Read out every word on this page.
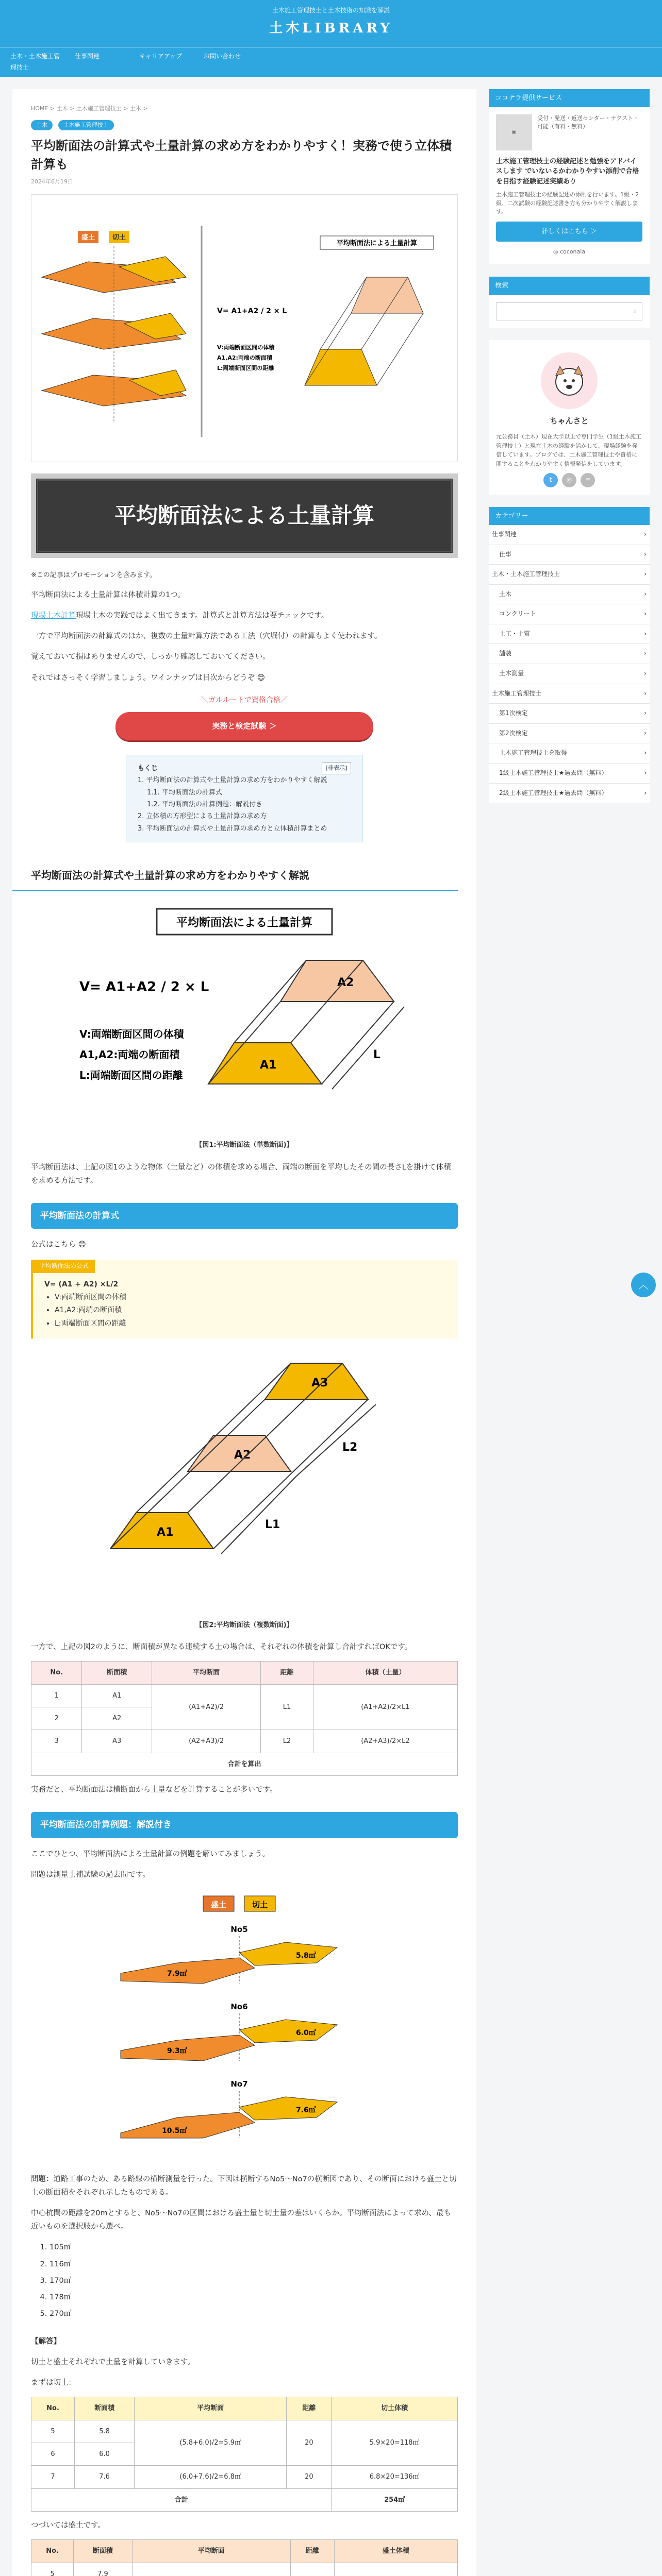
土木施工管理技士と土木技術の知識を解説
土木LIBRARY
土木・土木施工管理技士
仕事関連	キャリアアップ	お問い合わせ
HOME > 土木 > 土木施工管理技士 > 土木 >
土木	土木施工管理技士
平均断面法の計算式や土量計算の求め方をわかりやすく！実務で使う立体積計算も
2024年6月19日
盛土	切土
平均断面法による土量計算
V= A1+A2 / 2 × L
V:両端断面区間の体積
A1,A2:両端の断面積
L:両端断面区間の距離
平均断面法による土量計算

※この記事はプロモーションを含みます。

平均断面法による土量計算は体積計算の1つ。

現場土木計算現場土木の実践ではよく出てきます。計算式と計算方法は要チェックです。

一方で平均断面法の計算式のほか、複数の土量計算方法である工法（穴堀付）の計算もよく使われます。

覚えておいて損はありませんので、しっかり確認しておいてください。

それではさっそく学習しましょう。ワインナップは目次からどうぞ 😊

＼ガルルートで資格合格／
実務と検定試験 ＞
もくじ	[非表示]
1. 平均断面法の計算式や土量計算の求め方をわかりやすく解説
1.1. 平均断面法の計算式
1.2. 平均断面法の計算例題：解説付き
2. 立体積の方形型による土量計算の求め方
3. 平均断面法の計算式や土量計算の求め方と立体積計算まとめ
平均断面法の計算式や土量計算の求め方をわかりやすく解説
平均断面法による土量計算
V= A1+A2 / 2 × L
V:両端断面区間の体積
A1,A2:両端の断面積
L:両端断面区間の距離
A2
A1
L
【図1:平均断面法（単数断面)】

平均断面法は、上記の図1のような物体（土量など）の体積を求める場合、両端の断面を平均したその間の長さLを掛けて体積を求める方法です。

平均断面法の計算式

公式はこちら 😊

平均断面法の公式
V= (A1 + A2) ×L/2
• V:両端断面区間の体積
• A1,A2:両端の断面積
• L:両端断面区間の距離
A3
A2
A1
L2
L1
【図2:平均断面法（複数断面)】

一方で、上記の図2のように、断面積が異なる連続する土の場合は、それぞれの体積を計算し合計すればOKです。

No.	断面積	平均断面	距離	体積（土量）
1	A1	(A1+A2)/2	L1	(A1+A2)/2×L1
2	A2			
3	A3	(A2+A3)/2	L2	(A2+A3)/2×L2
合計を算出				

実務だと、平均断面法は横断面から土量などを計算することが多いです。

平均断面法の計算例題：解説付き

ここでひとつ、平均断面法による土量計算の例題を解いてみましょう。

問題は測量士補試験の過去問です。

盛土	切土
No5
7.9㎡
5.8㎡
No6
9.3㎡
6.0㎡
No7
10.5㎡
7.6㎡

問題：道路工事のため、ある路線の横断測量を行った。下図は横断するNo5〜No7の横断図であり、その断面における盛土と切土の断面積をそれぞれ示したものである。

中心杭間の距離を20mとすると、No5〜No7の区間における盛土量と切土量の差はいくらか。平均断面法によって求め、最も近いものを選択肢から選べ。

1. 105㎥
2. 116㎥
3. 170㎥
4. 178㎥
5. 270㎥

【解答】

切土と盛土それぞれで土量を計算していきます。

まずは切土：

No.	断面積	平均断面	距離	切土体積
5	5.8	(5.8+6.0)/2=5.9㎡	20	5.9×20=118㎥
6	6.0			
7	7.6	(6.0+7.6)/2=6.8㎡	20	6.8×20=136㎥
合計				254㎥

つづいては盛土です。

No.	断面積	平均断面	距離	盛土体積
5	7.9			

ココナラ提供サービス
▣
受付・発送・返送センター・テクスト・可能（有料・無料）
土木施工管理技士の経験記述と勉強をアドバイスします でいないるかわかりやすい添削で合格を目指す経験記述実績あり
土木施工管理技士の経験記述の添削を行います。1級・2級、二次試験の経験記述書き方も分かりやすく解説します。
詳しくはこちら ＞
◎ coconala
検索
⌕
ちゃんさと
元公務員（土木）現在大学以上で専門学生（1級土木施工管理技士）と現在土木の経験を活かして、現場経験を発信しています。ブログでは、土木施工管理技士や資格に関することをわかりやすく情報発信をしています。
t	◎	≡
カテゴリー
仕事関連	›
仕事	›
土木・土木施工管理技士	›
土木	›
コンクリート	›
土工・土質	›
舗装	›
土木測量	›
土木施工管理技士	›
第1次検定	›
第2次検定	›
土木施工管理技士を取得	›
1級土木施工管理技士★過去問（無料）	›
2級土木施工管理技士★過去問（無料）	›
︿
